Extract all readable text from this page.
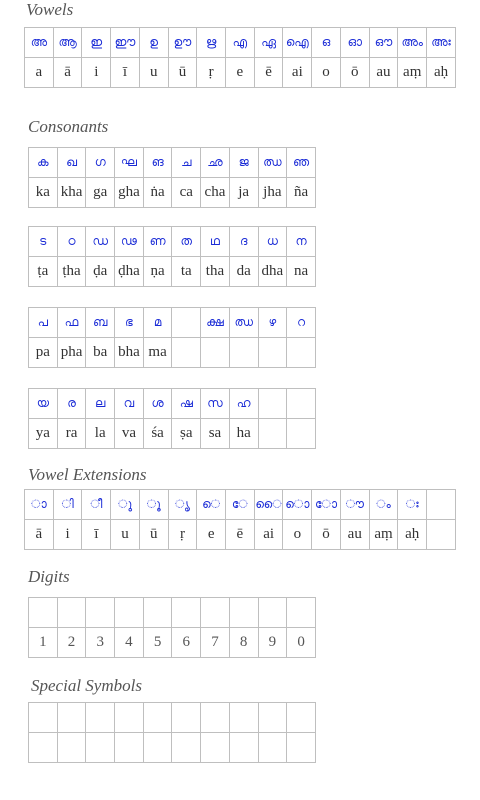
Vowels
അ	ആ	ഇ	ഈ	ഉ	ഊ	ഋ	എ	ഏ	ഐ	ഒ	ഓ	ഔ	അം	അഃ
a	ā	i	ī	u	ū	ṛ	e	ē	ai	o	ō	au	aṃ	aḥ
Consonants
ക	ഖ	ഗ	ഘ	ങ	ച	ഛ	ജ	ഝ	ഞ
ka	kha	ga	gha	ṅa	ca	cha	ja	jha	ña
ട	ഠ	ഡ	ഢ	ണ	ത	ഥ	ദ	ധ	ന
ṭa	ṭha	ḍa	ḍha	ṇa	ta	tha	da	dha	na
പ	ഫ	ബ	ഭ	മ		ക്ഷ	ഝ	ഴ	റ
pa	pha	ba	bha	ma					
യ	ര	ല	വ	ശ	ഷ	സ	ഹ		
ya	ra	la	va	śa	ṣa	sa	ha		
Vowel Extensions
ാ	ി	ീ	ു	ൂ	ൃ	െ	േ	ൈ	ൊ	ോ	ൗ	ം	ഃ	
ā	i	ī	u	ū	ṛ	e	ē	ai	o	ō	au	aṃ	aḥ	
Digits

1	2	3	4	5	6	7	8	9	0
Special Symbols
